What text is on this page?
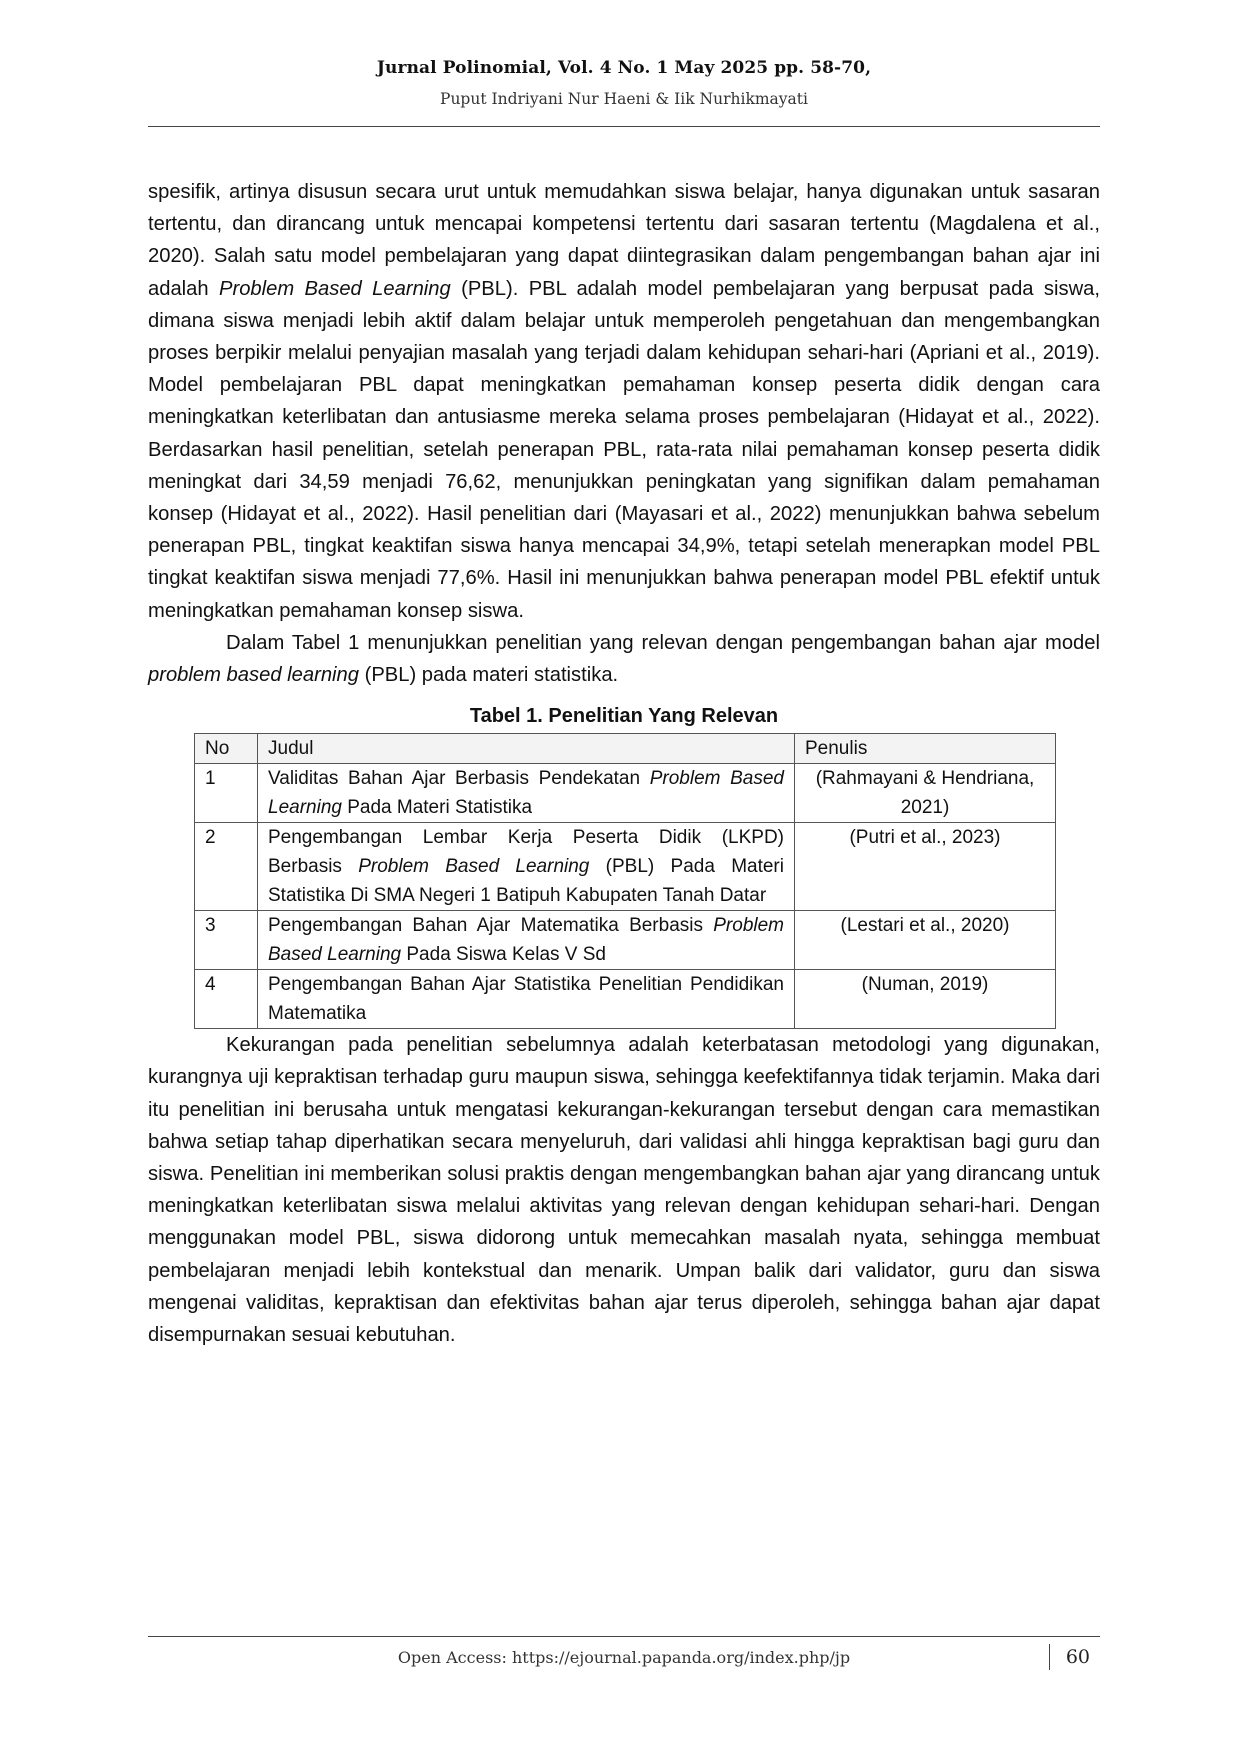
Jurnal Polinomial, Vol. 4 No. 1 May 2025 pp. 58-70,
Puput Indriyani Nur Haeni & Iik Nurhikmayati

spesifik, artinya disusun secara urut untuk memudahkan siswa belajar, hanya digunakan untuk sasaran tertentu, dan dirancang untuk mencapai kompetensi tertentu dari sasaran tertentu (Magdalena et al., 2020). Salah satu model pembelajaran yang dapat diintegrasikan dalam pengembangan bahan ajar ini adalah Problem Based Learning (PBL). PBL adalah model pembelajaran yang berpusat pada siswa, dimana siswa menjadi lebih aktif dalam belajar untuk memperoleh pengetahuan dan mengembangkan proses berpikir melalui penyajian masalah yang terjadi dalam kehidupan sehari-hari (Apriani et al., 2019). Model pembelajaran PBL dapat meningkatkan pemahaman konsep peserta didik dengan cara meningkatkan keterlibatan dan antusiasme mereka selama proses pembelajaran (Hidayat et al., 2022). Berdasarkan hasil penelitian, setelah penerapan PBL, rata-rata nilai pemahaman konsep peserta didik meningkat dari 34,59 menjadi 76,62, menunjukkan peningkatan yang signifikan dalam pemahaman konsep (Hidayat et al., 2022). Hasil penelitian dari (Mayasari et al., 2022) menunjukkan bahwa sebelum penerapan PBL, tingkat keaktifan siswa hanya mencapai 34,9%, tetapi setelah menerapkan model PBL tingkat keaktifan siswa menjadi 77,6%. Hasil ini menunjukkan bahwa penerapan model PBL efektif untuk meningkatkan pemahaman konsep siswa.

Dalam Tabel 1 menunjukkan penelitian yang relevan dengan pengembangan bahan ajar model problem based learning (PBL) pada materi statistika.

Tabel 1. Penelitian Yang Relevan
No	Judul	Penulis
1	Validitas Bahan Ajar Berbasis Pendekatan Problem Based Learning Pada Materi Statistika	(Rahmayani & Hendriana, 2021)
2	Pengembangan Lembar Kerja Peserta Didik (LKPD) Berbasis Problem Based Learning (PBL) Pada Materi Statistika Di SMA Negeri 1 Batipuh Kabupaten Tanah Datar	(Putri et al., 2023)
3	Pengembangan Bahan Ajar Matematika Berbasis Problem Based Learning Pada Siswa Kelas V Sd	(Lestari et al., 2020)
4	Pengembangan Bahan Ajar Statistika Penelitian Pendidikan Matematika	(Numan, 2019)

Kekurangan pada penelitian sebelumnya adalah keterbatasan metodologi yang digunakan, kurangnya uji kepraktisan terhadap guru maupun siswa, sehingga keefektifannya tidak terjamin. Maka dari itu penelitian ini berusaha untuk mengatasi kekurangan-kekurangan tersebut dengan cara memastikan bahwa setiap tahap diperhatikan secara menyeluruh, dari validasi ahli hingga kepraktisan bagi guru dan siswa. Penelitian ini memberikan solusi praktis dengan mengembangkan bahan ajar yang dirancang untuk meningkatkan keterlibatan siswa melalui aktivitas yang relevan dengan kehidupan sehari-hari. Dengan menggunakan model PBL, siswa didorong untuk memecahkan masalah nyata, sehingga membuat pembelajaran menjadi lebih kontekstual dan menarik. Umpan balik dari validator, guru dan siswa mengenai validitas, kepraktisan dan efektivitas bahan ajar terus diperoleh, sehingga bahan ajar dapat disempurnakan sesuai kebutuhan.

Open Access: https://ejournal.papanda.org/index.php/jp	60
